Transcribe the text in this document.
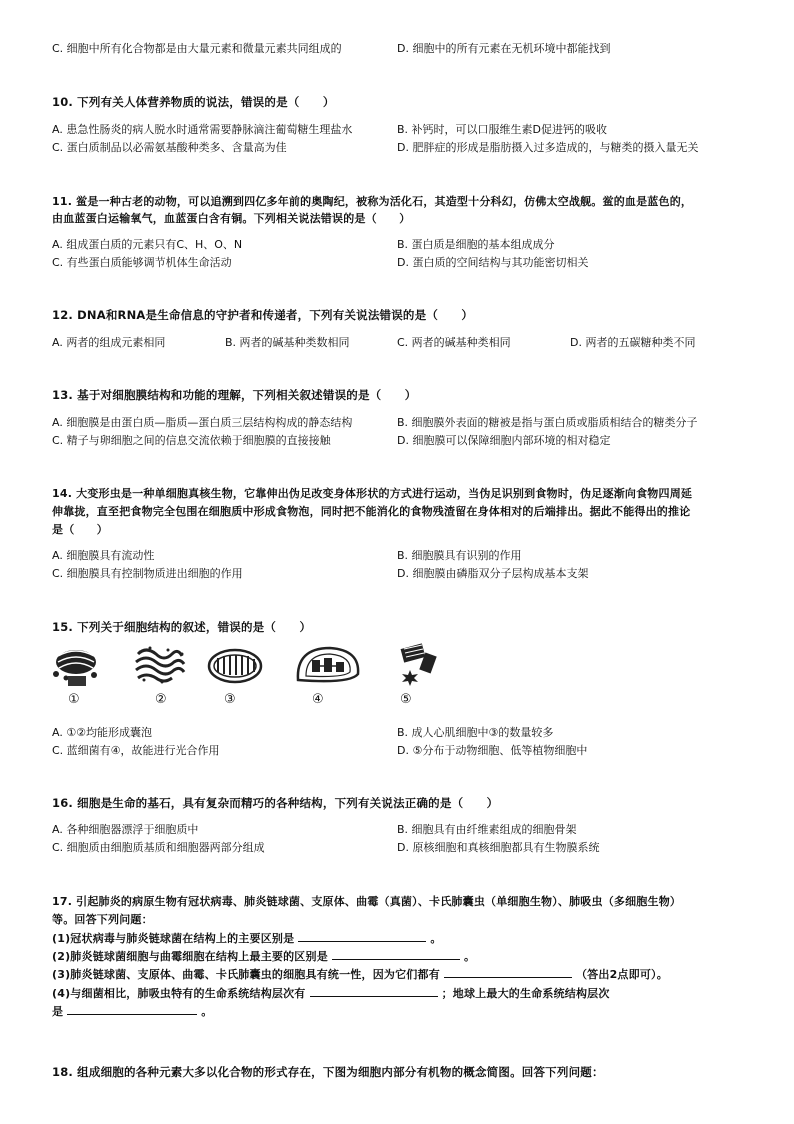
C. 细胞中所有化合物都是由大量元素和微量元素共同组成的	D. 细胞中的所有元素在无机环境中都能找到
10. 下列有关人体营养物质的说法，错误的是（　　）
A. 患急性肠炎的病人脱水时通常需要静脉滴注葡萄糖生理盐水	B. 补钙时，可以口服维生素D促进钙的吸收
C. 蛋白质制品以必需氨基酸种类多、含量高为佳	D. 肥胖症的形成是脂肪摄入过多造成的，与糖类的摄入量无关
11. 鲎是一种古老的动物，可以追溯到四亿多年前的奥陶纪，被称为活化石，其造型十分科幻，仿佛太空战舰。鲎的血是蓝色的，
由血蓝蛋白运输氧气，血蓝蛋白含有铜。下列相关说法错误的是（　　）
A. 组成蛋白质的元素只有C、H、O、N	B. 蛋白质是细胞的基本组成成分
C. 有些蛋白质能够调节机体生命活动	D. 蛋白质的空间结构与其功能密切相关
12. DNA和RNA是生命信息的守护者和传递者，下列有关说法错误的是（　　）
A. 两者的组成元素相同	B. 两者的碱基种类数相同	C. 两者的碱基种类相同	D. 两者的五碳糖种类不同
13. 基于对细胞膜结构和功能的理解，下列相关叙述错误的是（　　）
A. 细胞膜是由蛋白质—脂质—蛋白质三层结构构成的静态结构	B. 细胞膜外表面的糖被是指与蛋白质或脂质相结合的糖类分子
C. 精子与卵细胞之间的信息交流依赖于细胞膜的直接接触	D. 细胞膜可以保障细胞内部环境的相对稳定
14. 大变形虫是一种单细胞真核生物，它靠伸出伪足改变身体形状的方式进行运动，当伪足识别到食物时，伪足逐渐向食物四周延
伸靠拢，直至把食物完全包围在细胞质中形成食物泡，同时把不能消化的食物残渣留在身体相对的后端排出。据此不能得出的推论
是（　　）
A. 细胞膜具有流动性	B. 细胞膜具有识别的作用
C. 细胞膜具有控制物质进出细胞的作用	D. 细胞膜由磷脂双分子层构成基本支架
15. 下列关于细胞结构的叙述，错误的是（　　）
①	②	③	④	⑤
A. ①②均能形成囊泡	B. 成人心肌细胞中③的数量较多
C. 蓝细菌有④，故能进行光合作用	D. ⑤分布于动物细胞、低等植物细胞中
16. 细胞是生命的基石，具有复杂而精巧的各种结构，下列有关说法正确的是（　　）
A. 各种细胞器漂浮于细胞质中	B. 细胞具有由纤维素组成的细胞骨架
C. 细胞质由细胞质基质和细胞器两部分组成	D. 原核细胞和真核细胞都具有生物膜系统
17. 引起肺炎的病原生物有冠状病毒、肺炎链球菌、支原体、曲霉（真菌）、卡氏肺囊虫（单细胞生物）、肺吸虫（多细胞生物）
等。回答下列问题：
(1)冠状病毒与肺炎链球菌在结构上的主要区别是	。
(2)肺炎链球菌细胞与曲霉细胞在结构上最主要的区别是	。
(3)肺炎链球菌、支原体、曲霉、卡氏肺囊虫的细胞具有统一性，因为它们都有	（答出2点即可）。
(4)与细菌相比，肺吸虫特有的生命系统结构层次有	；地球上最大的生命系统结构层次
是	。
18. 组成细胞的各种元素大多以化合物的形式存在，下图为细胞内部分有机物的概念简图。回答下列问题：
